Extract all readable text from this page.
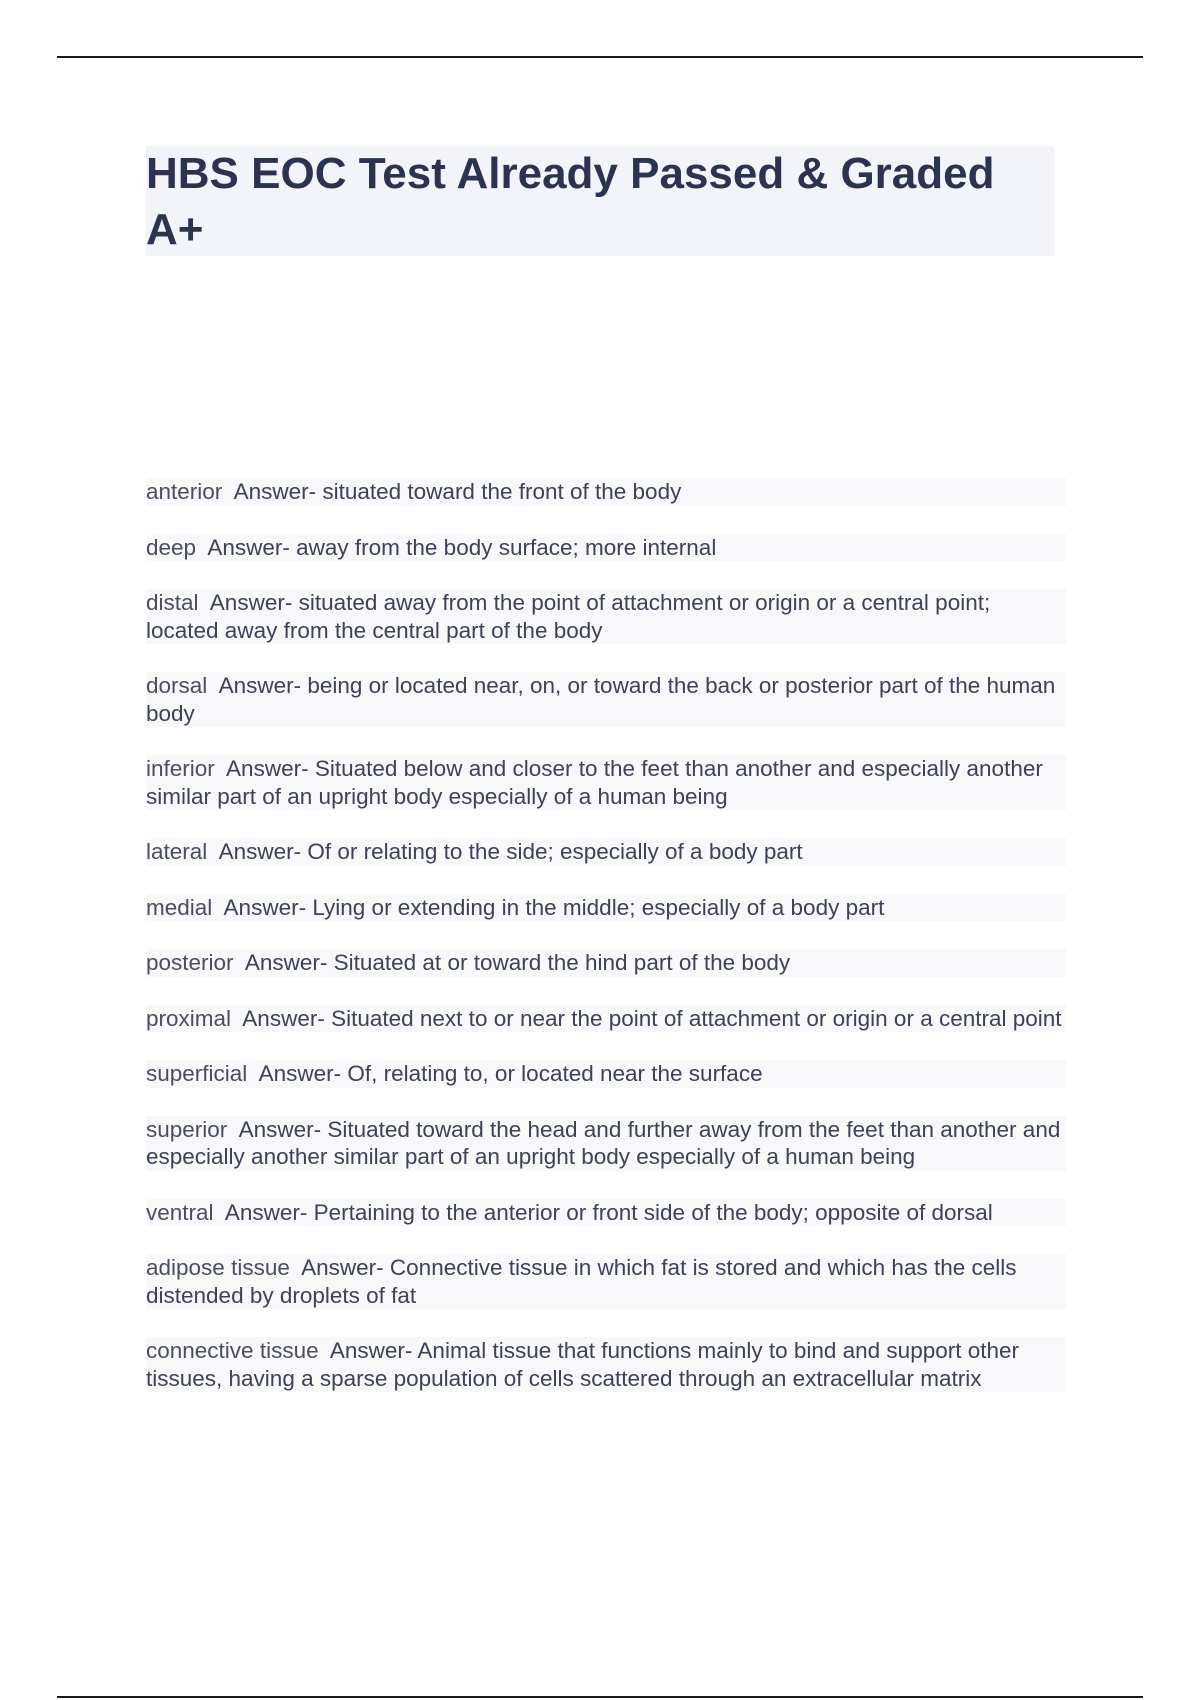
HBS EOC Test Already Passed & Graded A+

anterior Answer- situated toward the front of the body

deep Answer- away from the body surface; more internal

distal Answer- situated away from the point of attachment or origin or a central point; located away from the central part of the body

dorsal Answer- being or located near, on, or toward the back or posterior part of the human body

inferior Answer- Situated below and closer to the feet than another and especially another similar part of an upright body especially of a human being

lateral Answer- Of or relating to the side; especially of a body part

medial Answer- Lying or extending in the middle; especially of a body part

posterior Answer- Situated at or toward the hind part of the body

proximal Answer- Situated next to or near the point of attachment or origin or a central point

superficial Answer- Of, relating to, or located near the surface

superior Answer- Situated toward the head and further away from the feet than another and especially another similar part of an upright body especially of a human being

ventral Answer- Pertaining to the anterior or front side of the body; opposite of dorsal

adipose tissue Answer- Connective tissue in which fat is stored and which has the cells distended by droplets of fat

connective tissue Answer- Animal tissue that functions mainly to bind and support other tissues, having a sparse population of cells scattered through an extracellular matrix
